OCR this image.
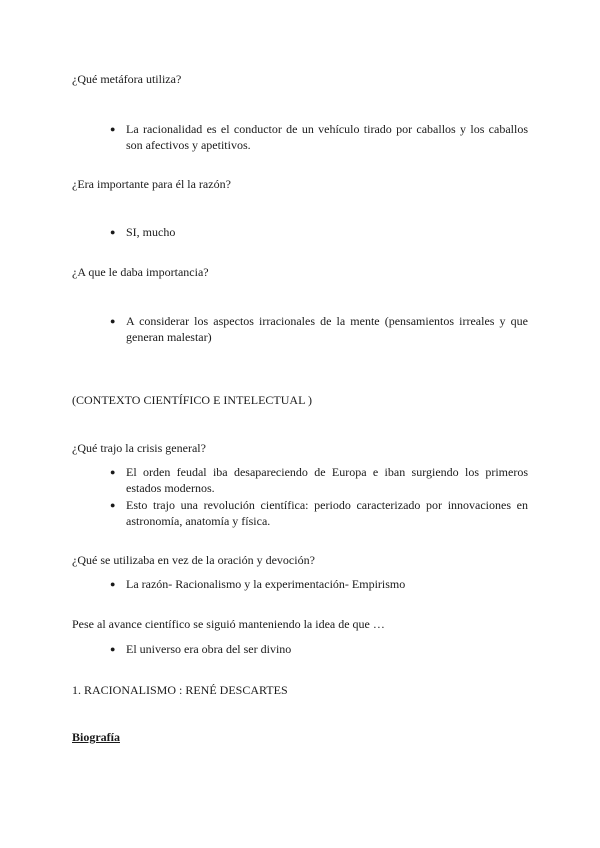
¿Qué metáfora utiliza?
● La racionalidad es el conductor de un vehículo tirado por caballos y los caballos son afectivos y apetitivos.
¿Era importante para él la razón?
● SI, mucho
¿A que le daba importancia?
● A considerar los aspectos irracionales de la mente (pensamientos irreales y que generan malestar)
(CONTEXTO CIENTÍFICO E INTELECTUAL )
¿Qué trajo la crisis general?
● El orden feudal iba desapareciendo de Europa e iban surgiendo los primeros estados modernos.
● Esto trajo una revolución científica: periodo caracterizado por innovaciones en astronomía, anatomía y física.
¿Qué se utilizaba en vez de la oración y devoción?
● La razón- Racionalismo y la experimentación- Empirismo
Pese al avance científico se siguió manteniendo la idea de que …
● El universo era obra del ser divino
1. RACIONALISMO : RENÉ DESCARTES
Biografía
